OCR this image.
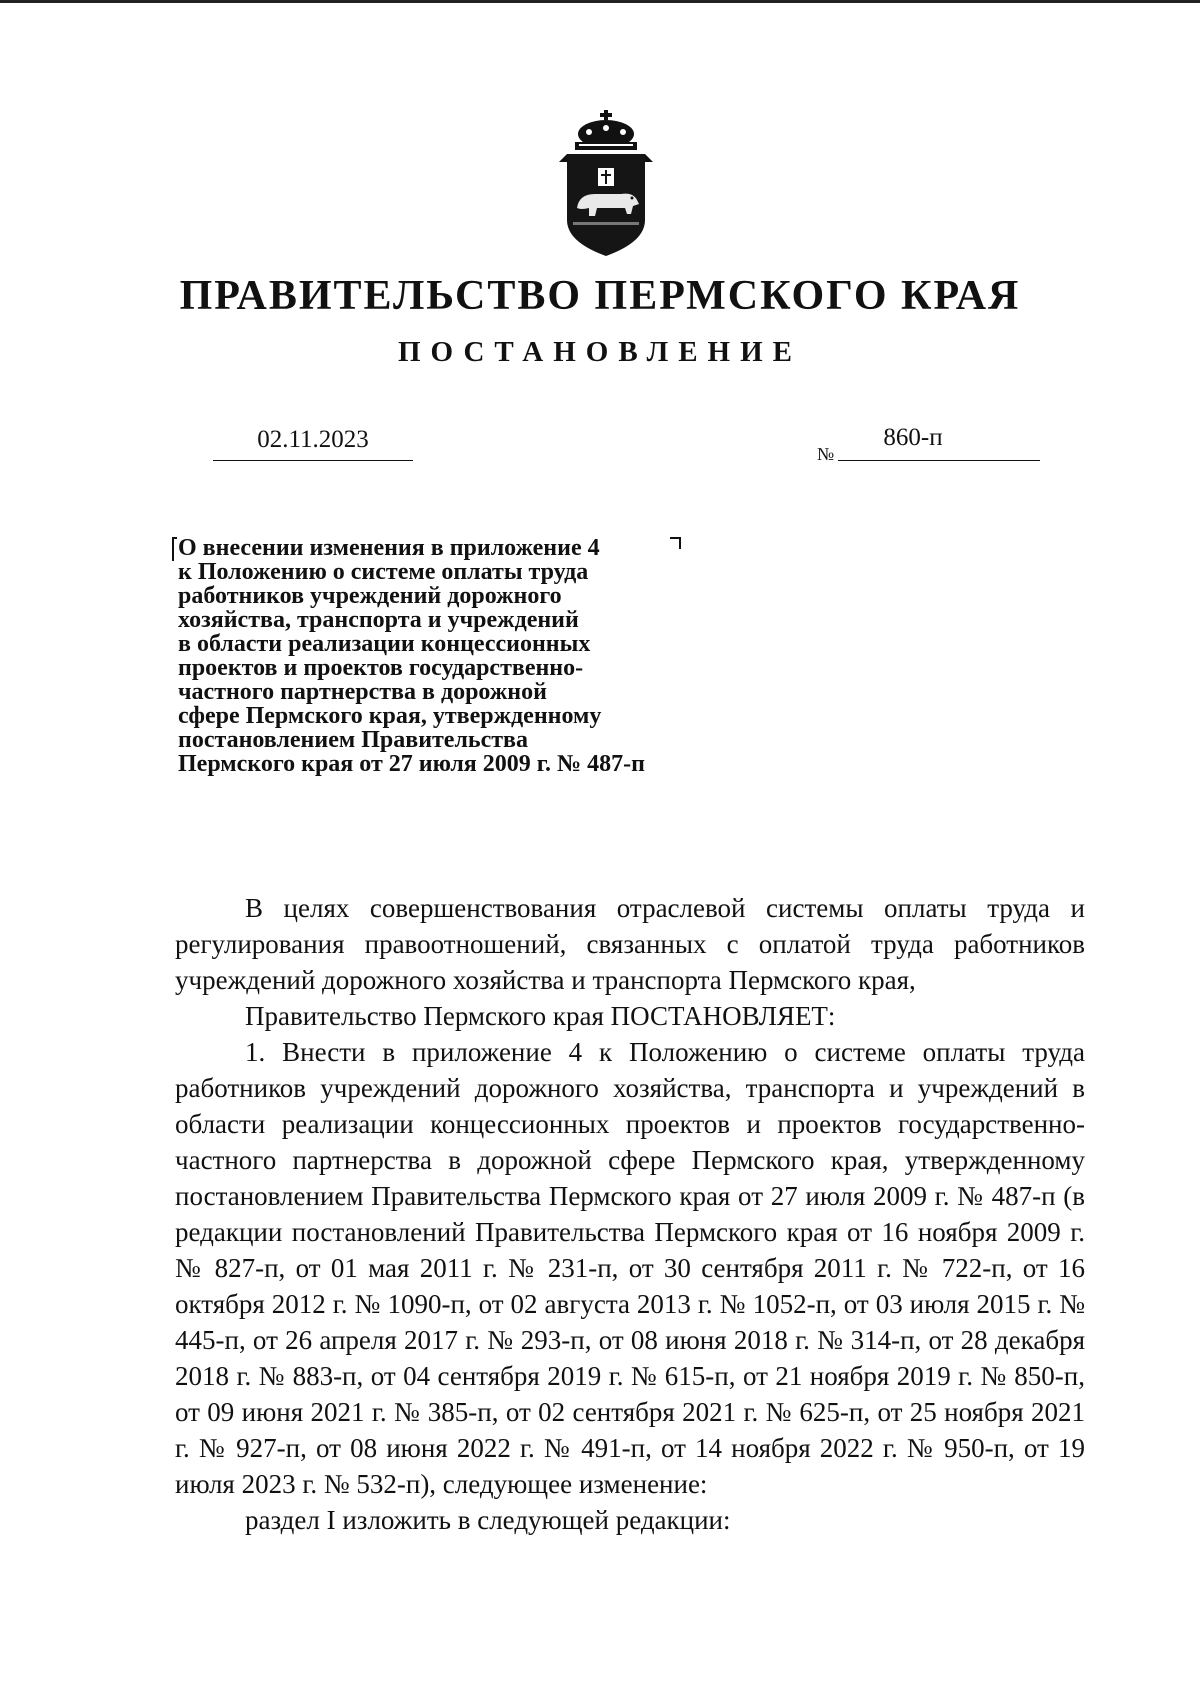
ПРАВИТЕЛЬСТВО ПЕРМСКОГО КРАЯ
ПОСТАНОВЛЕНИЕ
02.11.2023
№
860-п
О внесении изменения в приложение 4
к Положению о системе оплаты труда
работников учреждений дорожного
хозяйства, транспорта и учреждений
в области реализации концессионных
проектов и проектов государственно-
частного партнерства в дорожной
сфере Пермского края, утвержденному
постановлением Правительства
Пермского края от 27 июля 2009 г. № 487-п

В целях совершенствования отраслевой системы оплаты труда и регулирования правоотношений, связанных с оплатой труда работников учреждений дорожного хозяйства и транспорта Пермского края,

Правительство Пермского края ПОСТАНОВЛЯЕТ:

1. Внести в приложение 4 к Положению о системе оплаты труда работников учреждений дорожного хозяйства, транспорта и учреждений в области реализации концессионных проектов и проектов государственно-частного партнерства в дорожной сфере Пермского края, утвержденному постановлением Правительства Пермского края от 27 июля 2009 г. № 487-п (в редакции постановлений Правительства Пермского края от 16 ноября 2009 г. № 827-п, от 01 мая 2011 г. № 231-п, от 30 сентября 2011 г. № 722-п, от 16 октября 2012 г. № 1090-п, от 02 августа 2013 г. № 1052-п, от 03 июля 2015 г. № 445-п, от 26 апреля 2017 г. № 293-п, от 08 июня 2018 г. № 314-п, от 28 декабря 2018 г. № 883-п, от 04 сентября 2019 г. № 615-п, от 21 ноября 2019 г. № 850-п, от 09 июня 2021 г. № 385-п, от 02 сентября 2021 г. № 625-п, от 25 ноября 2021 г. № 927-п, от 08 июня 2022 г. № 491-п, от 14 ноября 2022 г. № 950-п, от 19 июля 2023 г. № 532-п), следующее изменение:

раздел I изложить в следующей редакции:
